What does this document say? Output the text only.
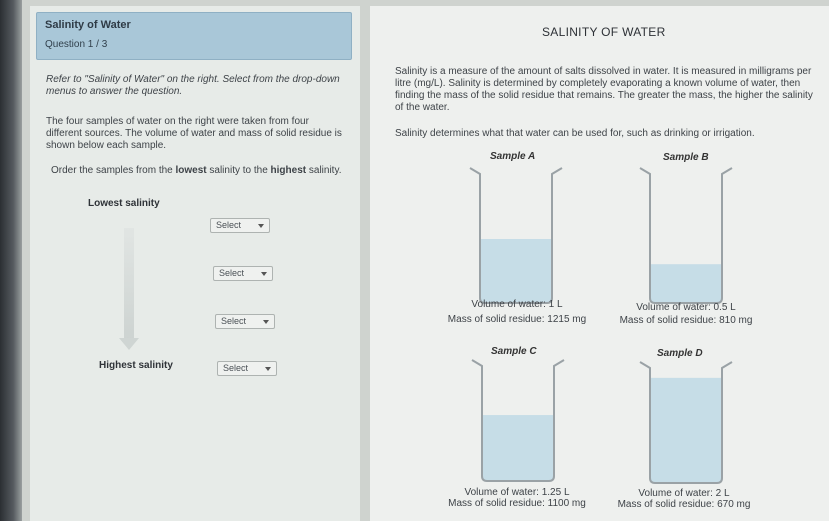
Salinity of Water
Question 1 / 3
Refer to "Salinity of Water" on the right. Select from the drop-down menus to answer the question.
The four samples of water on the right were taken from four different sources. The volume of water and mass of solid residue is shown below each sample.
Order the samples from the lowest salinity to the highest salinity.
Lowest salinity
Highest salinity
Select
Select
Select
Select
SALINITY OF WATER
Salinity is a measure of the amount of salts dissolved in water. It is measured in milligrams per litre (mg/L). Salinity is determined by completely evaporating a known volume of water, then finding the mass of the solid residue that remains. The greater the mass, the higher the salinity of the water.
Salinity determines what that water can be used for, such as drinking or irrigation.
Sample A
Volume of water: 1 L
Mass of solid residue: 1215 mg
Sample B
Volume of water: 0.5 L
Mass of solid residue: 810 mg
Sample C
Volume of water: 1.25 L
Mass of solid residue: 1100 mg
Sample D
Volume of water: 2 L
Mass of solid residue: 670 mg
